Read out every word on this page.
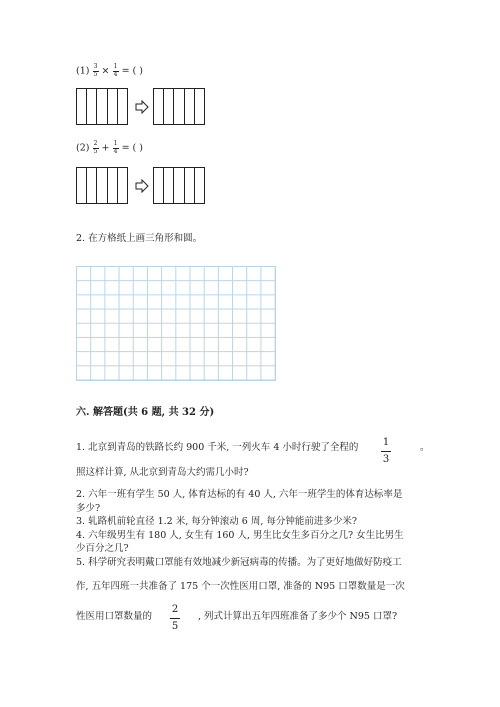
$(1) \frac{3}{5} \times \frac{1}{4}$ = ( )
$(2) \frac{2}{5} + \frac{1}{4}$ = ( )
2. 在方格纸上画三角形和圆。
六. 解答题(共 6 题, 共 32 分)
1. 北京到青岛的铁路长约 900 千米, 一列火车 4 小时行驶了全程的 1
3
。
照这样计算, 从北京到青岛大约需几小时?
2. 六年一班有学生 50 人, 体育达标的有 40 人, 六年一班学生的体育达标率是
多少?
3. 轧路机前轮直径 1.2 米, 每分钟滚动 6 周, 每分钟能前进多少米?
4. 六年级男生有 180 人, 女生有 160 人, 男生比女生多百分之几? 女生比男生
少百分之几?
5. 科学研究表明戴口罩能有效地减少新冠病毒的传播。为了更好地做好防疫工
作, 五年四班一共准备了 175 个一次性医用口罩, 准备的 N95 口罩数量是一次
性医用口罩数量的
2
5
, 列式计算出五年四班准备了多少个 N95 口罩?
